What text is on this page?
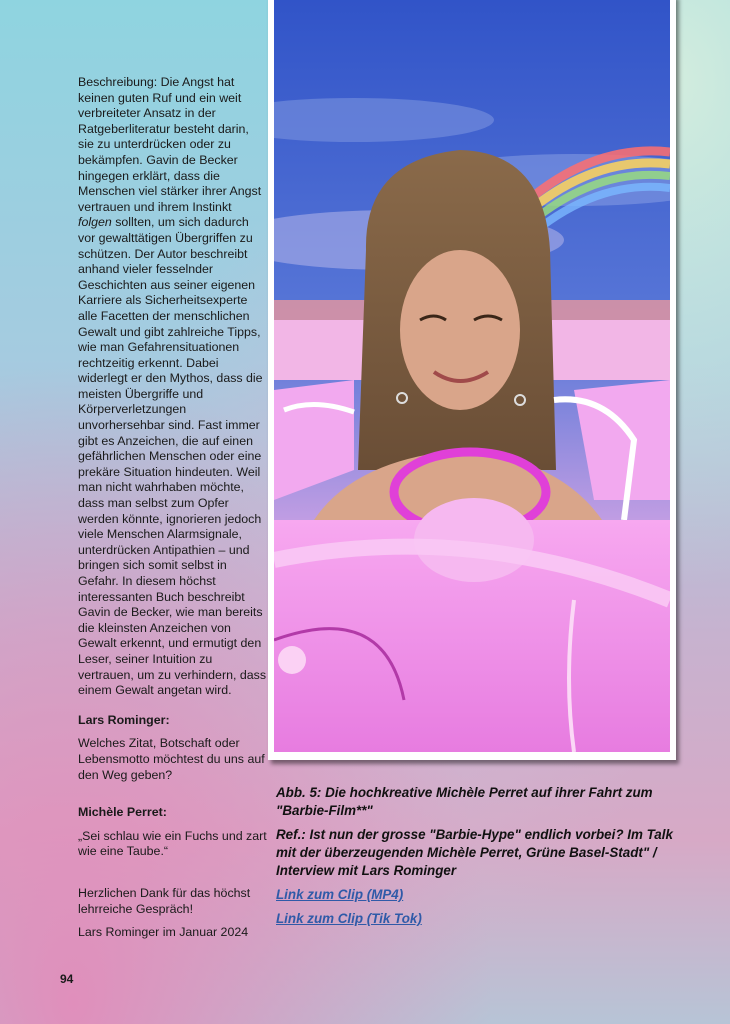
Beschreibung: Die Angst hat keinen guten Ruf und ein weit verbreiteter Ansatz in der Ratgeberliteratur besteht darin, sie zu unterdrücken oder zu bekämpfen. Gavin de Becker hingegen erklärt, dass die Menschen viel stärker ihrer Angst vertrauen und ihrem Instinkt folgen sollten, um sich dadurch vor gewalttätigen Übergriffen zu schützen. Der Autor beschreibt anhand vieler fesselnder Geschichten aus seiner eigenen Karriere als Sicherheitsexperte alle Facetten der menschlichen Gewalt und gibt zahlreiche Tipps, wie man Gefahrensituationen rechtzeitig erkennt. Dabei widerlegt er den Mythos, dass die meisten Übergriffe und Körperverletzungen unvorhersehbar sind. Fast immer gibt es Anzeichen, die auf einen gefährlichen Menschen oder eine prekäre Situation hindeuten. Weil man nicht wahrhaben möchte, dass man selbst zum Opfer werden könnte, ignorieren jedoch viele Menschen Alarmsignale, unterdrücken Antipathien – und bringen sich somit selbst in Gefahr. In diesem höchst interessanten Buch beschreibt Gavin de Becker, wie man bereits die kleinsten Anzeichen von Gewalt erkennt, und ermutigt den Leser, seiner Intuition zu vertrauen, um zu verhindern, dass einem Gewalt angetan wird.

Lars Rominger:

Welches Zitat, Botschaft oder Lebensmotto möchtest du uns auf den Weg geben?

Michèle Perret:

„Sei schlau wie ein Fuchs und zart wie eine Taube.“

Herzlichen Dank für das höchst lehrreiche Gespräch!

Lars Rominger im Januar 2024

Abb. 5: Die hochkreative Michèle Perret auf ihrer Fahrt zum "Barbie-Film**"

Ref.: Ist nun der grosse "Barbie-Hype" endlich vorbei? Im Talk mit der überzeugenden Michèle Perret, Grüne Basel-Stadt" / Interview mit Lars Rominger

Link zum Clip (MP4)
Link zum Clip (Tik Tok)
94
